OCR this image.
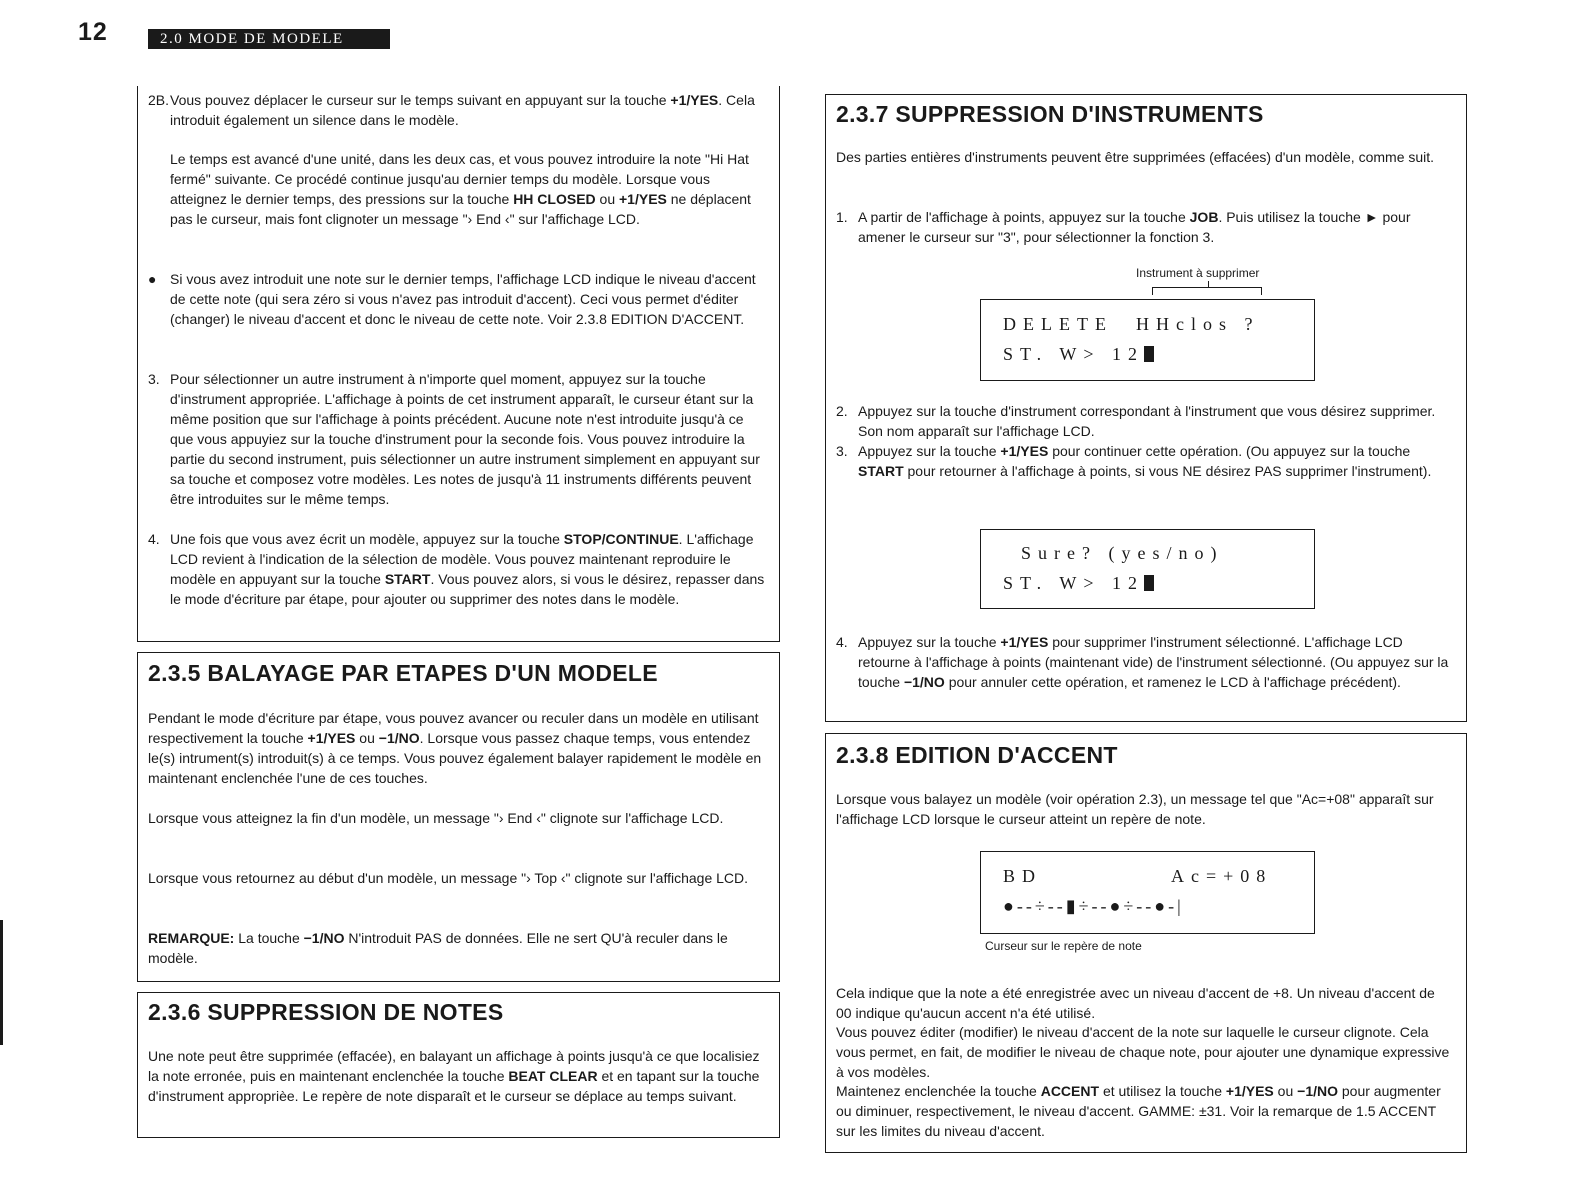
12	2.0 MODE DE MODELE
2B. Vous pouvez déplacer le curseur sur le temps suivant en appuyant sur la touche +1/YES. Cela introduit également un silence dans le modèle.

Le temps est avancé d'une unité, dans les deux cas, et vous pouvez introduire la note "Hi Hat fermé" suivante. Ce procédé continue jusqu'au dernier temps du modèle. Lorsque vous atteignez le dernier temps, des pressions sur la touche HH CLOSED ou +1/YES ne déplacent pas le curseur, mais font clignoter un message "› End ‹" sur l'affichage LCD.

● Si vous avez introduit une note sur le dernier temps, l'affichage LCD indique le niveau d'accent de cette note (qui sera zéro si vous n'avez pas introduit d'accent). Ceci vous permet d'éditer (changer) le niveau d'accent et donc le niveau de cette note. Voir 2.3.8 EDITION D'ACCENT.
3. Pour sélectionner un autre instrument à n'importe quel moment, appuyez sur la touche d'instrument appropriée. L'affichage à points de cet instrument apparaît, le curseur étant sur la même position que sur l'affichage à points précédent. Aucune note n'est introduite jusqu'à ce que vous appuyiez sur la touche d'instrument pour la seconde fois. Vous pouvez introduire la partie du second instrument, puis sélectionner un autre instrument simplement en appuyant sur sa touche et composez votre modèles. Les notes de jusqu'à 11 instruments différents peuvent être introduites sur le même temps.
4. Une fois que vous avez écrit un modèle, appuyez sur la touche STOP/CONTINUE. L'affichage LCD revient à l'indication de la sélection de modèle. Vous pouvez maintenant reproduire le modèle en appuyant sur la touche START. Vous pouvez alors, si vous le désirez, repasser dans le mode d'écriture par étape, pour ajouter ou supprimer des notes dans le modèle.
2.3.5 BALAYAGE PAR ETAPES D'UN MODELE

Pendant le mode d'écriture par étape, vous pouvez avancer ou reculer dans un modèle en utilisant respectivement la touche +1/YES ou −1/NO. Lorsque vous passez chaque temps, vous entendez le(s) intrument(s) introduit(s) à ce temps. Vous pouvez également balayer rapidement le modèle en maintenant enclenchée l'une de ces touches.

Lorsque vous atteignez la fin d'un modèle, un message "› End ‹" clignote sur l'affichage LCD.

Lorsque vous retournez au début d'un modèle, un message "› Top ‹" clignote sur l'affichage LCD.

REMARQUE: La touche −1/NO N'introduit PAS de données. Elle ne sert QU'à reculer dans le modèle.

2.3.6 SUPPRESSION DE NOTES

Une note peut être supprimée (effacée), en balayant un affichage à points jusqu'à ce que localisiez la note erronée, puis en maintenant enclenchée la touche BEAT CLEAR et en tapant sur la touche d'instrument approprièe. Le repère de note disparaît et le curseur se déplace au temps suivant.

2.3.7 SUPPRESSION D'INSTRUMENTS

Des parties entières d'instruments peuvent être supprimées (effacées) d'un modèle, comme suit.

1. A partir de l'affichage à points, appuyez sur la touche JOB. Puis utilisez la touche ► pour amener le curseur sur "3", pour sélectionner la fonction 3.
Instrument à supprimer

DELETE  HHclos ?

ST. W> 12

2. Appuyez sur la touche d'instrument correspondant à l'instrument que vous désirez supprimer. Son nom apparaît sur l'affichage LCD.
3. Appuyez sur la touche +1/YES pour continuer cette opération. (Ou appuyez sur la touche START pour retourner à l'affichage à points, si vous NE désirez PAS supprimer l'instrument).

Sure? (yes/no)

ST. W> 12

4. Appuyez sur la touche +1/YES pour supprimer l'instrument sélectionné. L'affichage LCD retourne à l'affichage à points (maintenant vide) de l'instrument sélectionné. (Ou appuyez sur la touche −1/NO pour annuler cette opération, et ramenez le LCD à l'affichage précédent).
2.3.8 EDITION D'ACCENT

Lorsque vous balayez un modèle (voir opération 2.3), un message tel que "Ac=+08" apparaît sur l'affichage LCD lorsque le curseur atteint un repère de note.

BD

	Ac=+08

●--÷--▮÷--●÷--●-|

Curseur sur le repère de note

Cela indique que la note a été enregistrée avec un niveau d'accent de +8. Un niveau d'accent de 00 indique qu'aucun accent n'a été utilisé.

Vous pouvez éditer (modifier) le niveau d'accent de la note sur laquelle le curseur clignote. Cela vous permet, en fait, de modifier le niveau de chaque note, pour ajouter une dynamique expressive à vos modèles.

Maintenez enclenchée la touche ACCENT et utilisez la touche +1/YES ou −1/NO pour augmenter ou diminuer, respectivement, le niveau d'accent. GAMME: ±31. Voir la remarque de 1.5 ACCENT sur les limites du niveau d'accent.
